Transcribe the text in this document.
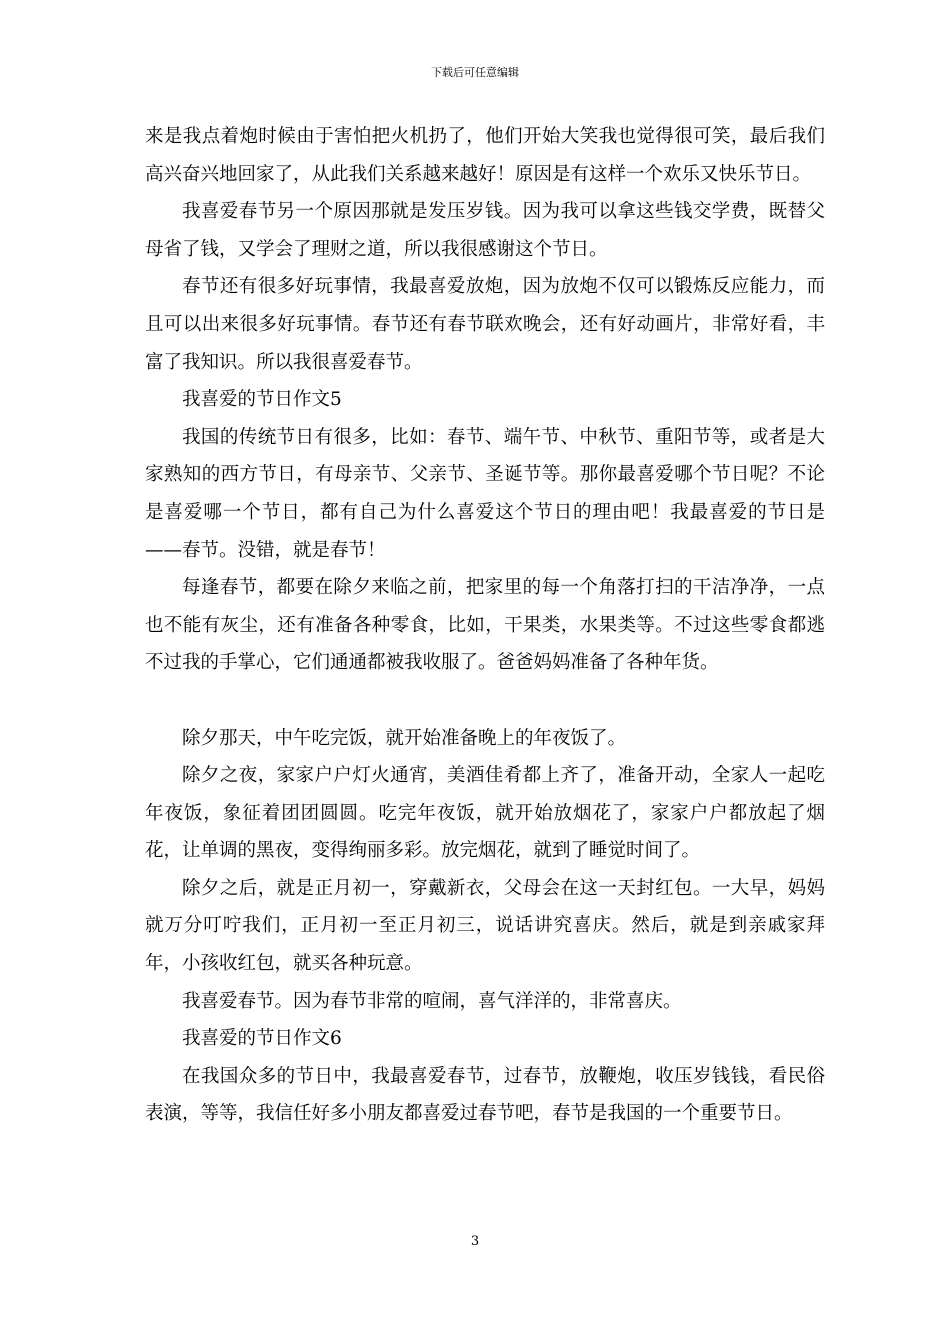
下载后可任意编辑

来是我点着炮时候由于害怕把火机扔了，他们开始大笑我也觉得很可笑，最后我们高兴奋兴地回家了，从此我们关系越来越好！原因是有这样一个欢乐又快乐节日。

我喜爱春节另一个原因那就是发压岁钱。因为我可以拿这些钱交学费，既替父母省了钱，又学会了理财之道，所以我很感谢这个节日。

春节还有很多好玩事情，我最喜爱放炮，因为放炮不仅可以锻炼反应能力，而且可以出来很多好玩事情。春节还有春节联欢晚会，还有好动画片，非常好看，丰富了我知识。所以我很喜爱春节。

我喜爱的节日作文5

我国的传统节日有很多，比如：春节、端午节、中秋节、重阳节等，或者是大家熟知的西方节日，有母亲节、父亲节、圣诞节等。那你最喜爱哪个节日呢？不论是喜爱哪一个节日，都有自己为什么喜爱这个节日的理由吧！我最喜爱的节日是——春节。没错，就是春节！

每逢春节，都要在除夕来临之前，把家里的每一个角落打扫的干洁净净，一点也不能有灰尘，还有准备各种零食，比如，干果类，水果类等。不过这些零食都逃不过我的手掌心，它们通通都被我收服了。爸爸妈妈准备了各种年货。

除夕那天，中午吃完饭，就开始准备晚上的年夜饭了。

除夕之夜，家家户户灯火通宵，美酒佳肴都上齐了，准备开动，全家人一起吃年夜饭，象征着团团圆圆。吃完年夜饭，就开始放烟花了，家家户户都放起了烟花，让单调的黑夜，变得绚丽多彩。放完烟花，就到了睡觉时间了。

除夕之后，就是正月初一，穿戴新衣，父母会在这一天封红包。一大早，妈妈就万分叮咛我们，正月初一至正月初三，说话讲究喜庆。然后，就是到亲戚家拜年，小孩收红包，就买各种玩意。

我喜爱春节。因为春节非常的喧闹，喜气洋洋的，非常喜庆。

我喜爱的节日作文6

在我国众多的节日中，我最喜爱春节，过春节，放鞭炮，收压岁钱钱，看民俗表演，等等，我信任好多小朋友都喜爱过春节吧，春节是我国的一个重要节日。

3
